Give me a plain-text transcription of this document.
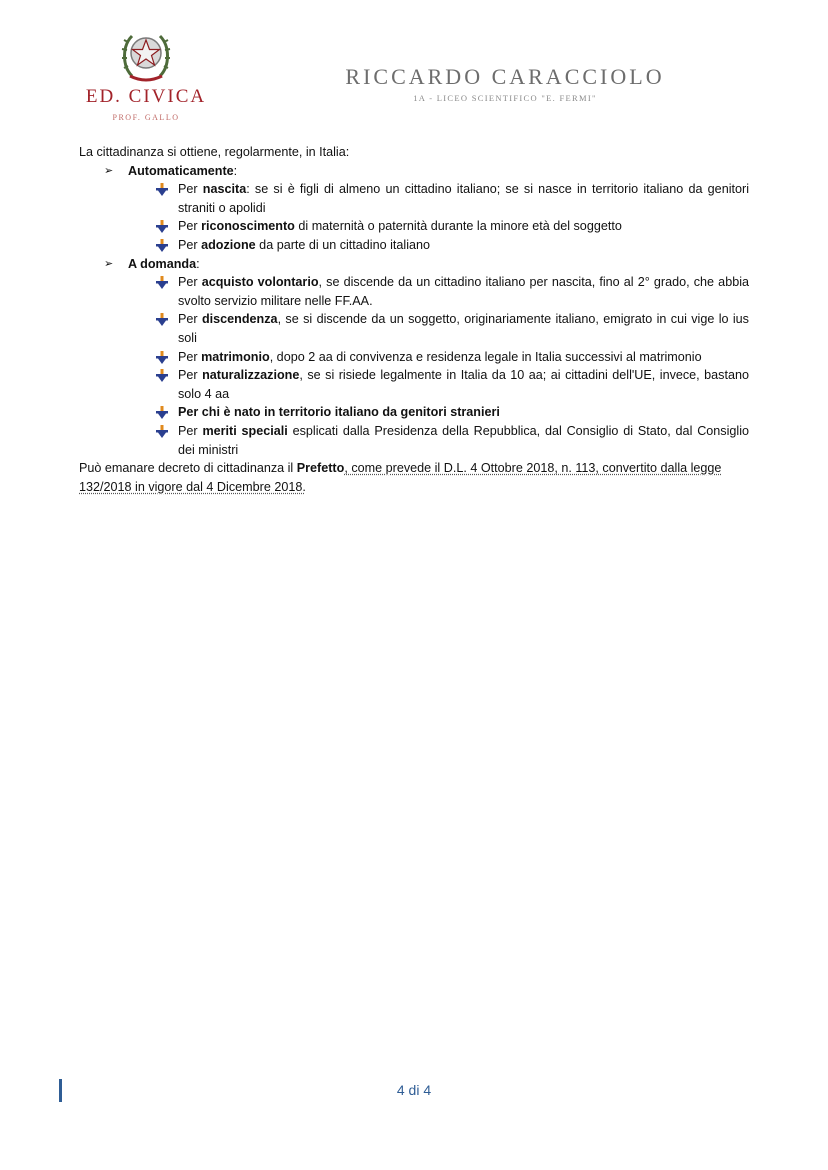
ED. CIVICA
PROF. GALLO
RICCARDO CARACCIOLO
1A - LICEO SCIENTIFICO "E. FERMI"

La cittadinanza si ottiene, regolarmente, in Italia:

➢ Automaticamente:
Per nascita: se si è figli di almeno un cittadino italiano; se si nasce in territorio italiano da genitori straniti o apolidi
Per riconoscimento di maternità o paternità durante la minore età del soggetto
Per adozione da parte di un cittadino italiano
➢ A domanda:
Per acquisto volontario, se discende da un cittadino italiano per nascita, fino al 2° grado, che abbia svolto servizio militare nelle FF.AA.
Per discendenza, se si discende da un soggetto, originariamente italiano, emigrato in cui vige lo ius soli
Per matrimonio, dopo 2 aa di convivenza e residenza legale in Italia successivi al matrimonio
Per naturalizzazione, se si risiede legalmente in Italia da 10 aa; ai cittadini dell'UE, invece, bastano solo 4 aa
Per chi è nato in territorio italiano da genitori stranieri
Per meriti speciali esplicati dalla Presidenza della Repubblica, dal Consiglio di Stato, dal Consiglio dei ministri

Può emanare decreto di cittadinanza il Prefetto, come prevede il D.L. 4 Ottobre 2018, n. 113, convertito dalla legge 132/2018 in vigore dal 4 Dicembre 2018.

4 di 4
